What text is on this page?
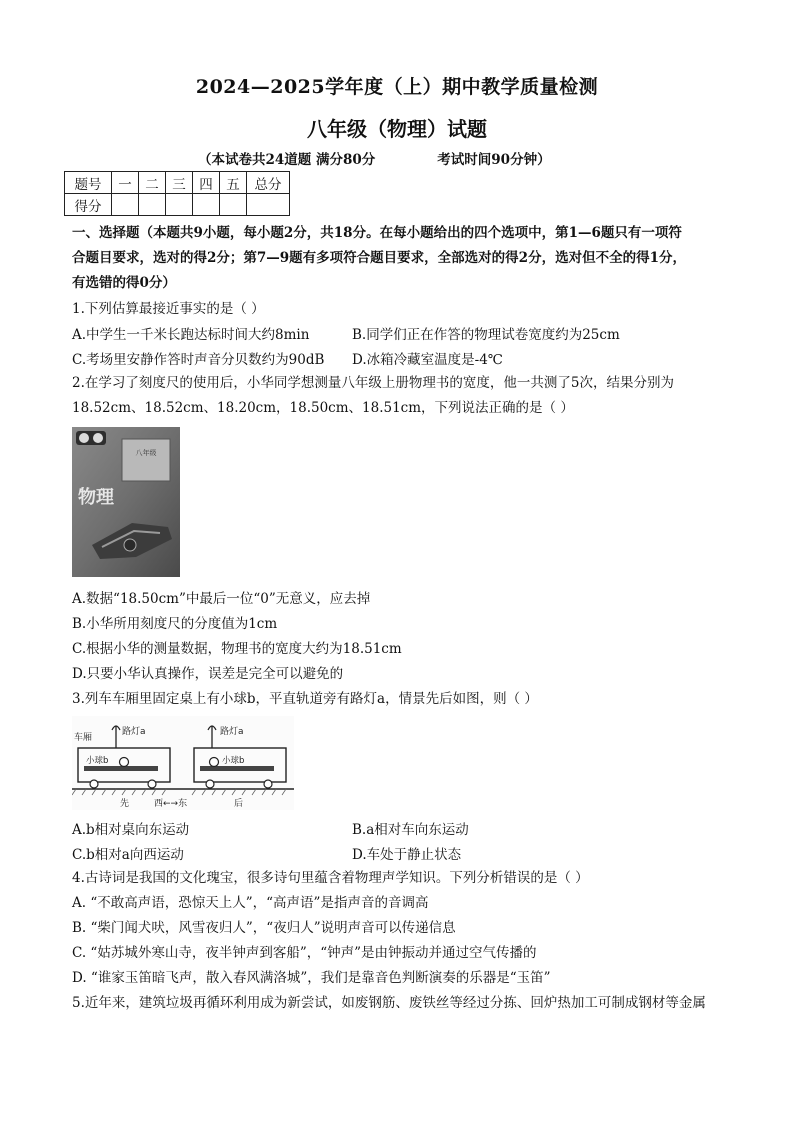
2024—2025学年度（上）期中教学质量检测
八年级（物理）试题
（本试卷共24道题 满分80分	考试时间90分钟）
题号	一	二	三	四	五	总分
得分						
一、选择题（本题共9小题，每小题2分，共18分。在每小题给出的四个选项中，第1—6题只有一项符
合题目要求，选对的得2分；第7—9题有多项符合题目要求，全部选对的得2分，选对但不全的得1分，
有选错的得0分）
1.下列估算最接近事实的是（ ）
A.中学生一千米长跑达标时间大约8min	B.同学们正在作答的物理试卷宽度约为25cm
C.考场里安静作答时声音分贝数约为90dB D.冰箱冷藏室温度是-4℃
2.在学习了刻度尺的使用后，小华同学想测量八年级上册物理书的宽度，他一共测了5次，结果分别为
18.52cm、18.52cm、18.20cm，18.50cm、18.51cm，下列说法正确的是（ ）
八年级
物理
A.数据“18.50cm”中最后一位“0”无意义，应去掉
B.小华所用刻度尺的分度值为1cm
C.根据小华的测量数据，物理书的宽度大约为18.51cm
D.只要小华认真操作，误差是完全可以避免的
3.列车车厢里固定桌上有小球b，平直轨道旁有路灯a，情景先后如图，则（ ）
车厢
路灯a
小球b
路灯a
小球b
先	西←→东	后
A.b相对桌向东运动	B.a相对车向东运动
C.b相对a向西运动	D.车处于静止状态
4.古诗词是我国的文化瑰宝，很多诗句里蕴含着物理声学知识。下列分析错误的是（ ）
A. “不敢高声语，恐惊天上人”，“高声语”是指声音的音调高
B. “柴门闻犬吠，风雪夜归人”，“夜归人”说明声音可以传递信息
C. “姑苏城外寒山寺，夜半钟声到客船”，“钟声”是由钟振动并通过空气传播的
D. “谁家玉笛暗飞声，散入春风满洛城”，我们是靠音色判断演奏的乐器是“玉笛”
5.近年来，建筑垃圾再循环利用成为新尝试，如废钢筋、废铁丝等经过分拣、回炉热加工可制成钢材等金属
